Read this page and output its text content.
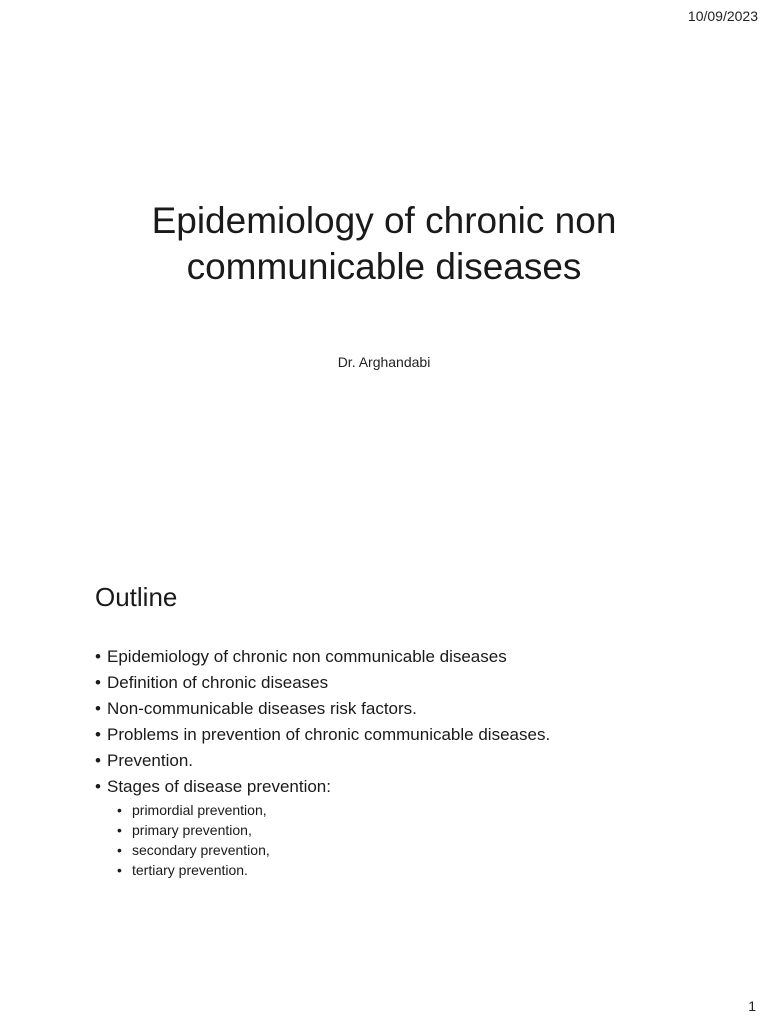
10/09/2023
Epidemiology of chronic non communicable diseases
Dr. Arghandabi
Outline
• Epidemiology of chronic non communicable diseases
• Definition of chronic diseases
• Non-communicable diseases risk factors.
• Problems in prevention of chronic communicable diseases.
• Prevention.
• Stages of disease prevention:
• primordial prevention,
• primary prevention,
• secondary prevention,
• tertiary prevention.
1
